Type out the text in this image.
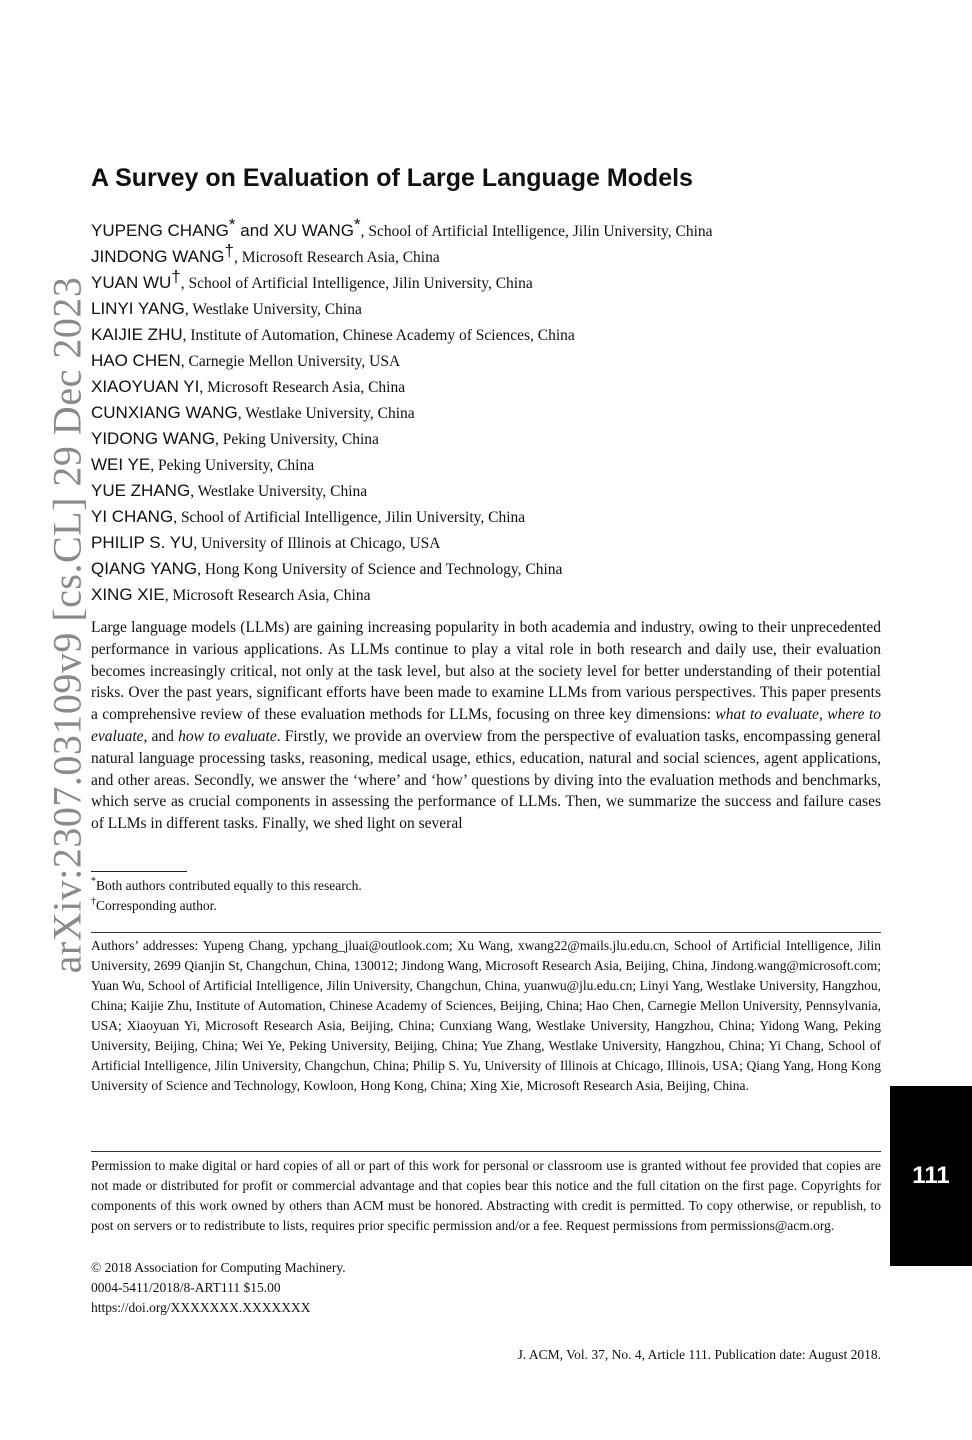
arXiv:2307.03109v9 [cs.CL] 29 Dec 2023
A Survey on Evaluation of Large Language Models
YUPENG CHANG* and XU WANG*, School of Artificial Intelligence, Jilin University, China
JINDONG WANG†, Microsoft Research Asia, China
YUAN WU†, School of Artificial Intelligence, Jilin University, China
LINYI YANG, Westlake University, China
KAIJIE ZHU, Institute of Automation, Chinese Academy of Sciences, China
HAO CHEN, Carnegie Mellon University, USA
XIAOYUAN YI, Microsoft Research Asia, China
CUNXIANG WANG, Westlake University, China
YIDONG WANG, Peking University, China
WEI YE, Peking University, China
YUE ZHANG, Westlake University, China
YI CHANG, School of Artificial Intelligence, Jilin University, China
PHILIP S. YU, University of Illinois at Chicago, USA
QIANG YANG, Hong Kong University of Science and Technology, China
XING XIE, Microsoft Research Asia, China

Large language models (LLMs) are gaining increasing popularity in both academia and industry, owing to their unprecedented performance in various applications. As LLMs continue to play a vital role in both research and daily use, their evaluation becomes increasingly critical, not only at the task level, but also at the society level for better understanding of their potential risks. Over the past years, significant efforts have been made to examine LLMs from various perspectives. This paper presents a comprehensive review of these evaluation methods for LLMs, focusing on three key dimensions: what to evaluate, where to evaluate, and how to evaluate. Firstly, we provide an overview from the perspective of evaluation tasks, encompassing general natural language processing tasks, reasoning, medical usage, ethics, education, natural and social sciences, agent applications, and other areas. Secondly, we answer the ‘where’ and ‘how’ questions by diving into the evaluation methods and benchmarks, which serve as crucial components in assessing the performance of LLMs. Then, we summarize the success and failure cases of LLMs in different tasks. Finally, we shed light on several

*Both authors contributed equally to this research.
†Corresponding author.

Authors’ addresses: Yupeng Chang, ypchang_jluai@outlook.com; Xu Wang, xwang22@mails.jlu.edu.cn, School of Artificial Intelligence, Jilin University, 2699 Qianjin St, Changchun, China, 130012; Jindong Wang, Microsoft Research Asia, Beijing, China, Jindong.wang@microsoft.com; Yuan Wu, School of Artificial Intelligence, Jilin University, Changchun, China, yuanwu@jlu.edu.cn; Linyi Yang, Westlake University, Hangzhou, China; Kaijie Zhu, Institute of Automation, Chinese Academy of Sciences, Beijing, China; Hao Chen, Carnegie Mellon University, Pennsylvania, USA; Xiaoyuan Yi, Microsoft Research Asia, Beijing, China; Cunxiang Wang, Westlake University, Hangzhou, China; Yidong Wang, Peking University, Beijing, China; Wei Ye, Peking University, Beijing, China; Yue Zhang, Westlake University, Hangzhou, China; Yi Chang, School of Artificial Intelligence, Jilin University, Changchun, China; Philip S. Yu, University of Illinois at Chicago, Illinois, USA; Qiang Yang, Hong Kong University of Science and Technology, Kowloon, Hong Kong, China; Xing Xie, Microsoft Research Asia, Beijing, China.

Permission to make digital or hard copies of all or part of this work for personal or classroom use is granted without fee provided that copies are not made or distributed for profit or commercial advantage and that copies bear this notice and the full citation on the first page. Copyrights for components of this work owned by others than ACM must be honored. Abstracting with credit is permitted. To copy otherwise, or republish, to post on servers or to redistribute to lists, requires prior specific permission and/or a fee. Request permissions from permissions@acm.org.

© 2018 Association for Computing Machinery.
0004-5411/2018/8-ART111 $15.00
https://doi.org/XXXXXXX.XXXXXXX
J. ACM, Vol. 37, No. 4, Article 111. Publication date: August 2018.
111
